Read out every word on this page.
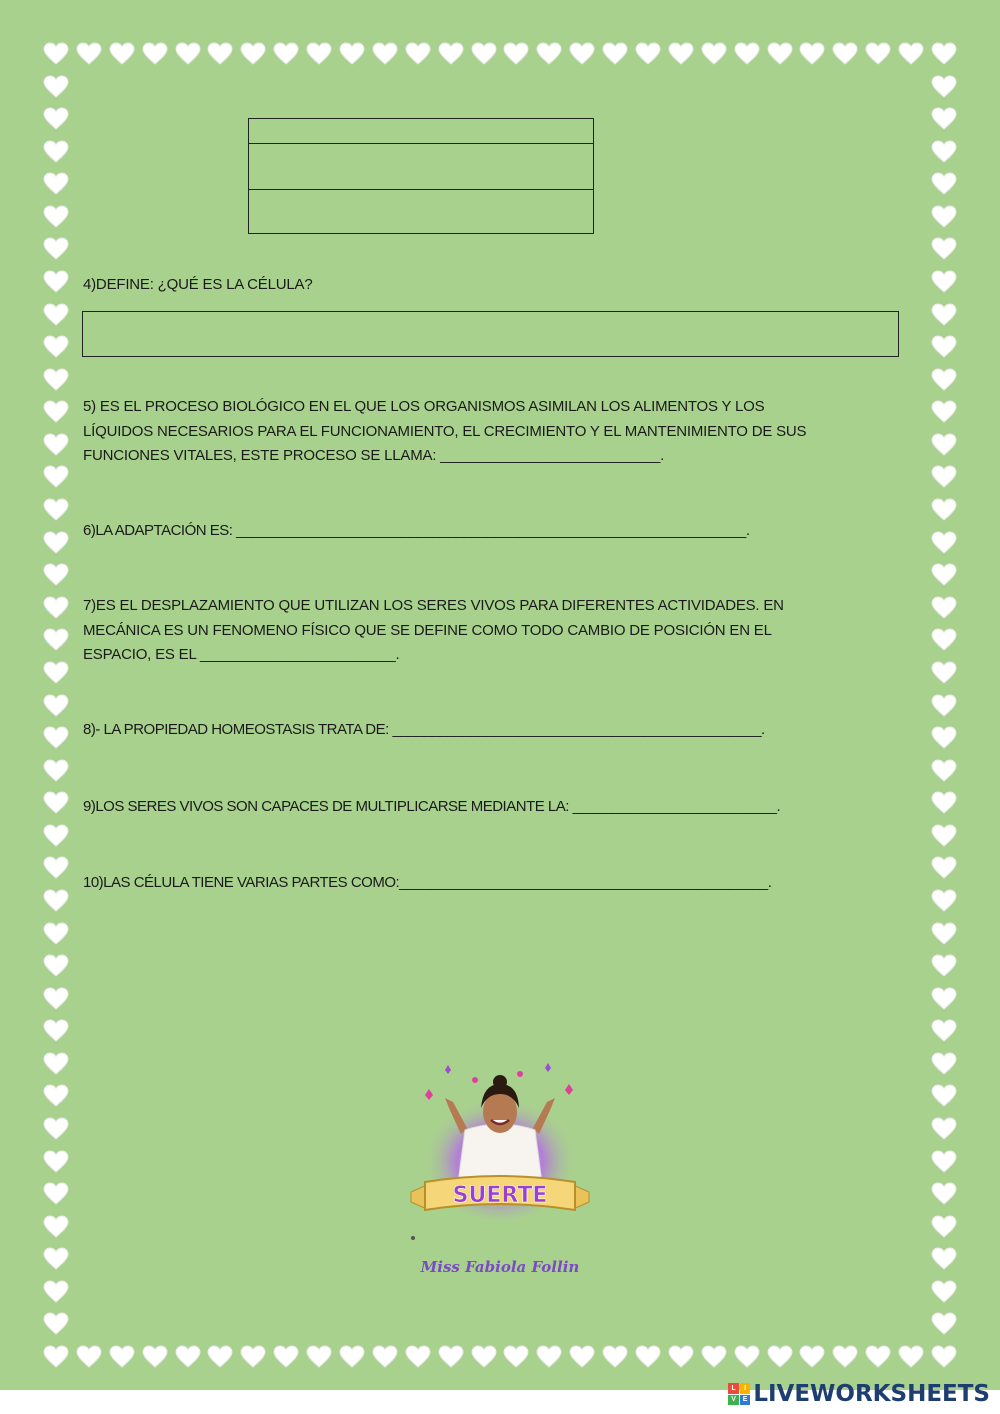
4)DEFINE: ¿QUÉ ES LA CÉLULA?
5) ES EL PROCESO BIOLÓGICO EN EL QUE LOS ORGANISMOS ASIMILAN LOS ALIMENTOS Y LOS
LÍQUIDOS NECESARIOS PARA EL FUNCIONAMIENTO, EL CRECIMIENTO Y EL MANTENIMIENTO DE SUS
FUNCIONES VITALES, ESTE PROCESO SE LLAMA: ___________________________.
6)LA ADAPTACIÓN ES: _________________________________________________________________.
7)ES EL DESPLAZAMIENTO QUE UTILIZAN LOS SERES VIVOS PARA DIFERENTES ACTIVIDADES. EN
MECÁNICA ES UN FENOMENO FÍSICO QUE SE DEFINE COMO TODO CAMBIO DE POSICIÓN EN EL
ESPACIO, ES EL ________________________.
8)- LA PROPIEDAD HOMEOSTASIS TRATA DE: _______________________________________________.
9)LOS SERES VIVOS SON CAPACES DE MULTIPLICARSE MEDIANTE LA: __________________________.
10)LAS CÉLULA TIENE VARIAS PARTES COMO:_______________________________________________.
SUERTE
Miss Fabiola Follin
L	I
V E LIVEWORKSHEETS
